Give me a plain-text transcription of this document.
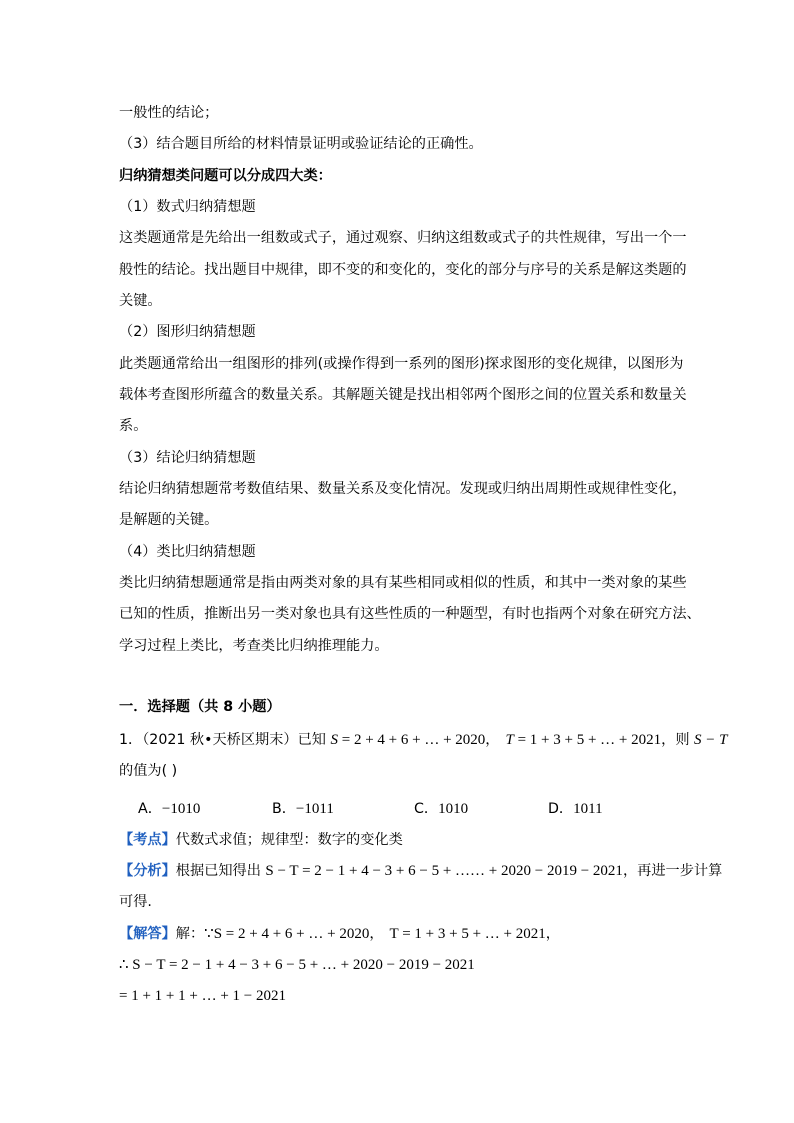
一般性的结论；
（3）结合题目所给的材料情景证明或验证结论的正确性。
归纳猜想类问题可以分成四大类：
（1）数式归纳猜想题
这类题通常是先给出一组数或式子，通过观察、归纳这组数或式子的共性规律，写出一个一
般性的结论。找出题目中规律，即不变的和变化的，变化的部分与序号的关系是解这类题的
关键。
（2）图形归纳猜想题
此类题通常给出一组图形的排列(或操作得到一系列的图形)探求图形的变化规律，以图形为
载体考查图形所蕴含的数量关系。其解题关键是找出相邻两个图形之间的位置关系和数量关
系。
（3）结论归纳猜想题
结论归纳猜想题常考数值结果、数量关系及变化情况。发现或归纳出周期性或规律性变化，
是解题的关键。
（4）类比归纳猜想题
类比归纳猜想题通常是指由两类对象的具有某些相同或相似的性质，和其中一类对象的某些
已知的性质，推断出另一类对象也具有这些性质的一种题型，有时也指两个对象在研究方法、
学习过程上类比，考查类比归纳推理能力。
一．选择题（共 8 小题）
1．（2021 秋•天桥区期末）已知 S = 2 + 4 + 6 + … + 2020， T = 1 + 3 + 5 + … + 2021，则 S − T
的值为( )
A．−1010	B．−1011	C．1010	D．1011
【考点】代数式求值；规律型：数字的变化类
【分析】根据已知得出 S − T = 2 − 1 + 4 − 3 + 6 − 5 + …… + 2020 − 2019 − 2021，再进一步计算
可得.
【解答】解：∵S = 2 + 4 + 6 + … + 2020， T = 1 + 3 + 5 + … + 2021，
∴ S − T = 2 − 1 + 4 − 3 + 6 − 5 + … + 2020 − 2019 − 2021
= 1 + 1 + 1 + … + 1 − 2021
